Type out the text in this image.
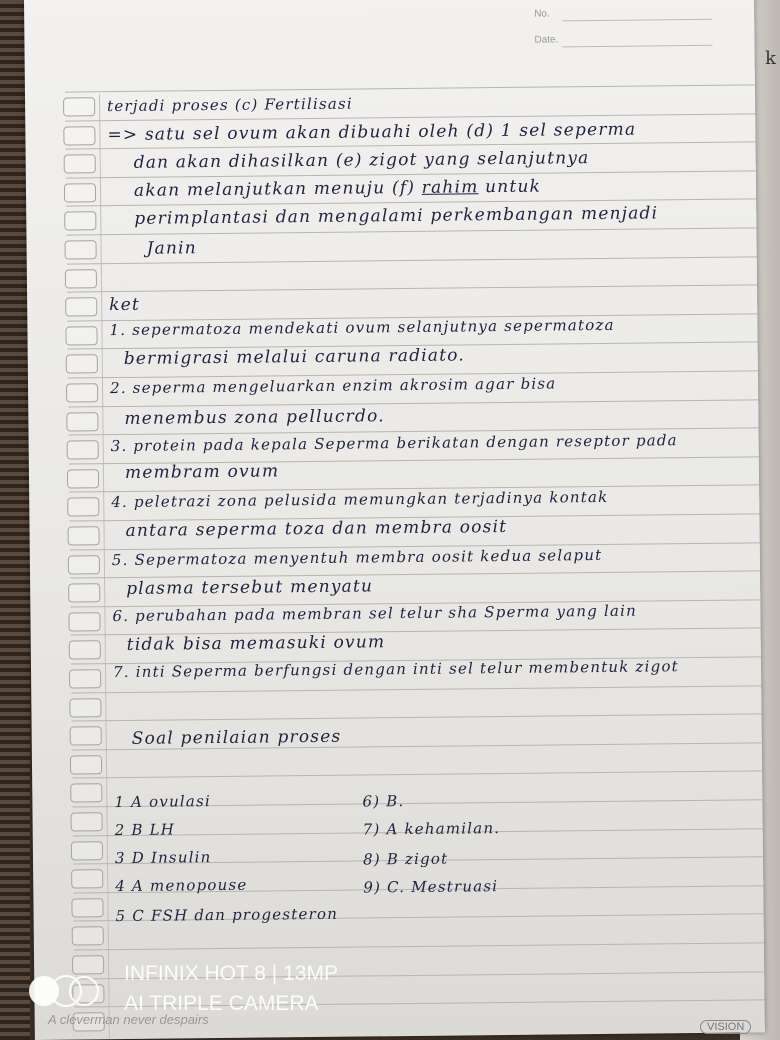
k
No.
Date.
terjadi proses (c) Fertilisasi
=> satu sel ovum akan dibuahi oleh (d) 1 sel seperma
dan akan dihasilkan (e) zigot yang selanjutnya
akan melanjutkan menuju (f) rahim untuk
perimplantasi dan mengalami perkembangan menjadi
Janin
ket
1. sepermatoza mendekati ovum selanjutnya sepermatoza
bermigrasi melalui caruna radiato.
2. seperma mengeluarkan enzim akrosim agar bisa
menembus zona pellucrdo.
3. protein pada kepala Seperma berikatan dengan reseptor pada
membram ovum
4. peletrazi zona pelusida memungkan terjadinya kontak
antara seperma toza dan membra oosit
5. Sepermatoza menyentuh membra oosit kedua selaput
plasma tersebut menyatu
6. perubahan pada membran sel telur sha Sperma yang lain
tidak bisa memasuki ovum
7. inti Seperma berfungsi dengan inti sel telur membentuk zigot
Soal penilaian proses
1 A ovulasi
2 B LH
3 D Insulin
4 A menopouse
5 C FSH dan progesteron
6) B.
7) A kehamilan.
8) B zigot
9) C. Mestruasi
INFINIX HOT 8 | 13MP
AI TRIPLE CAMERA
A cleverman never despairs	VISION
